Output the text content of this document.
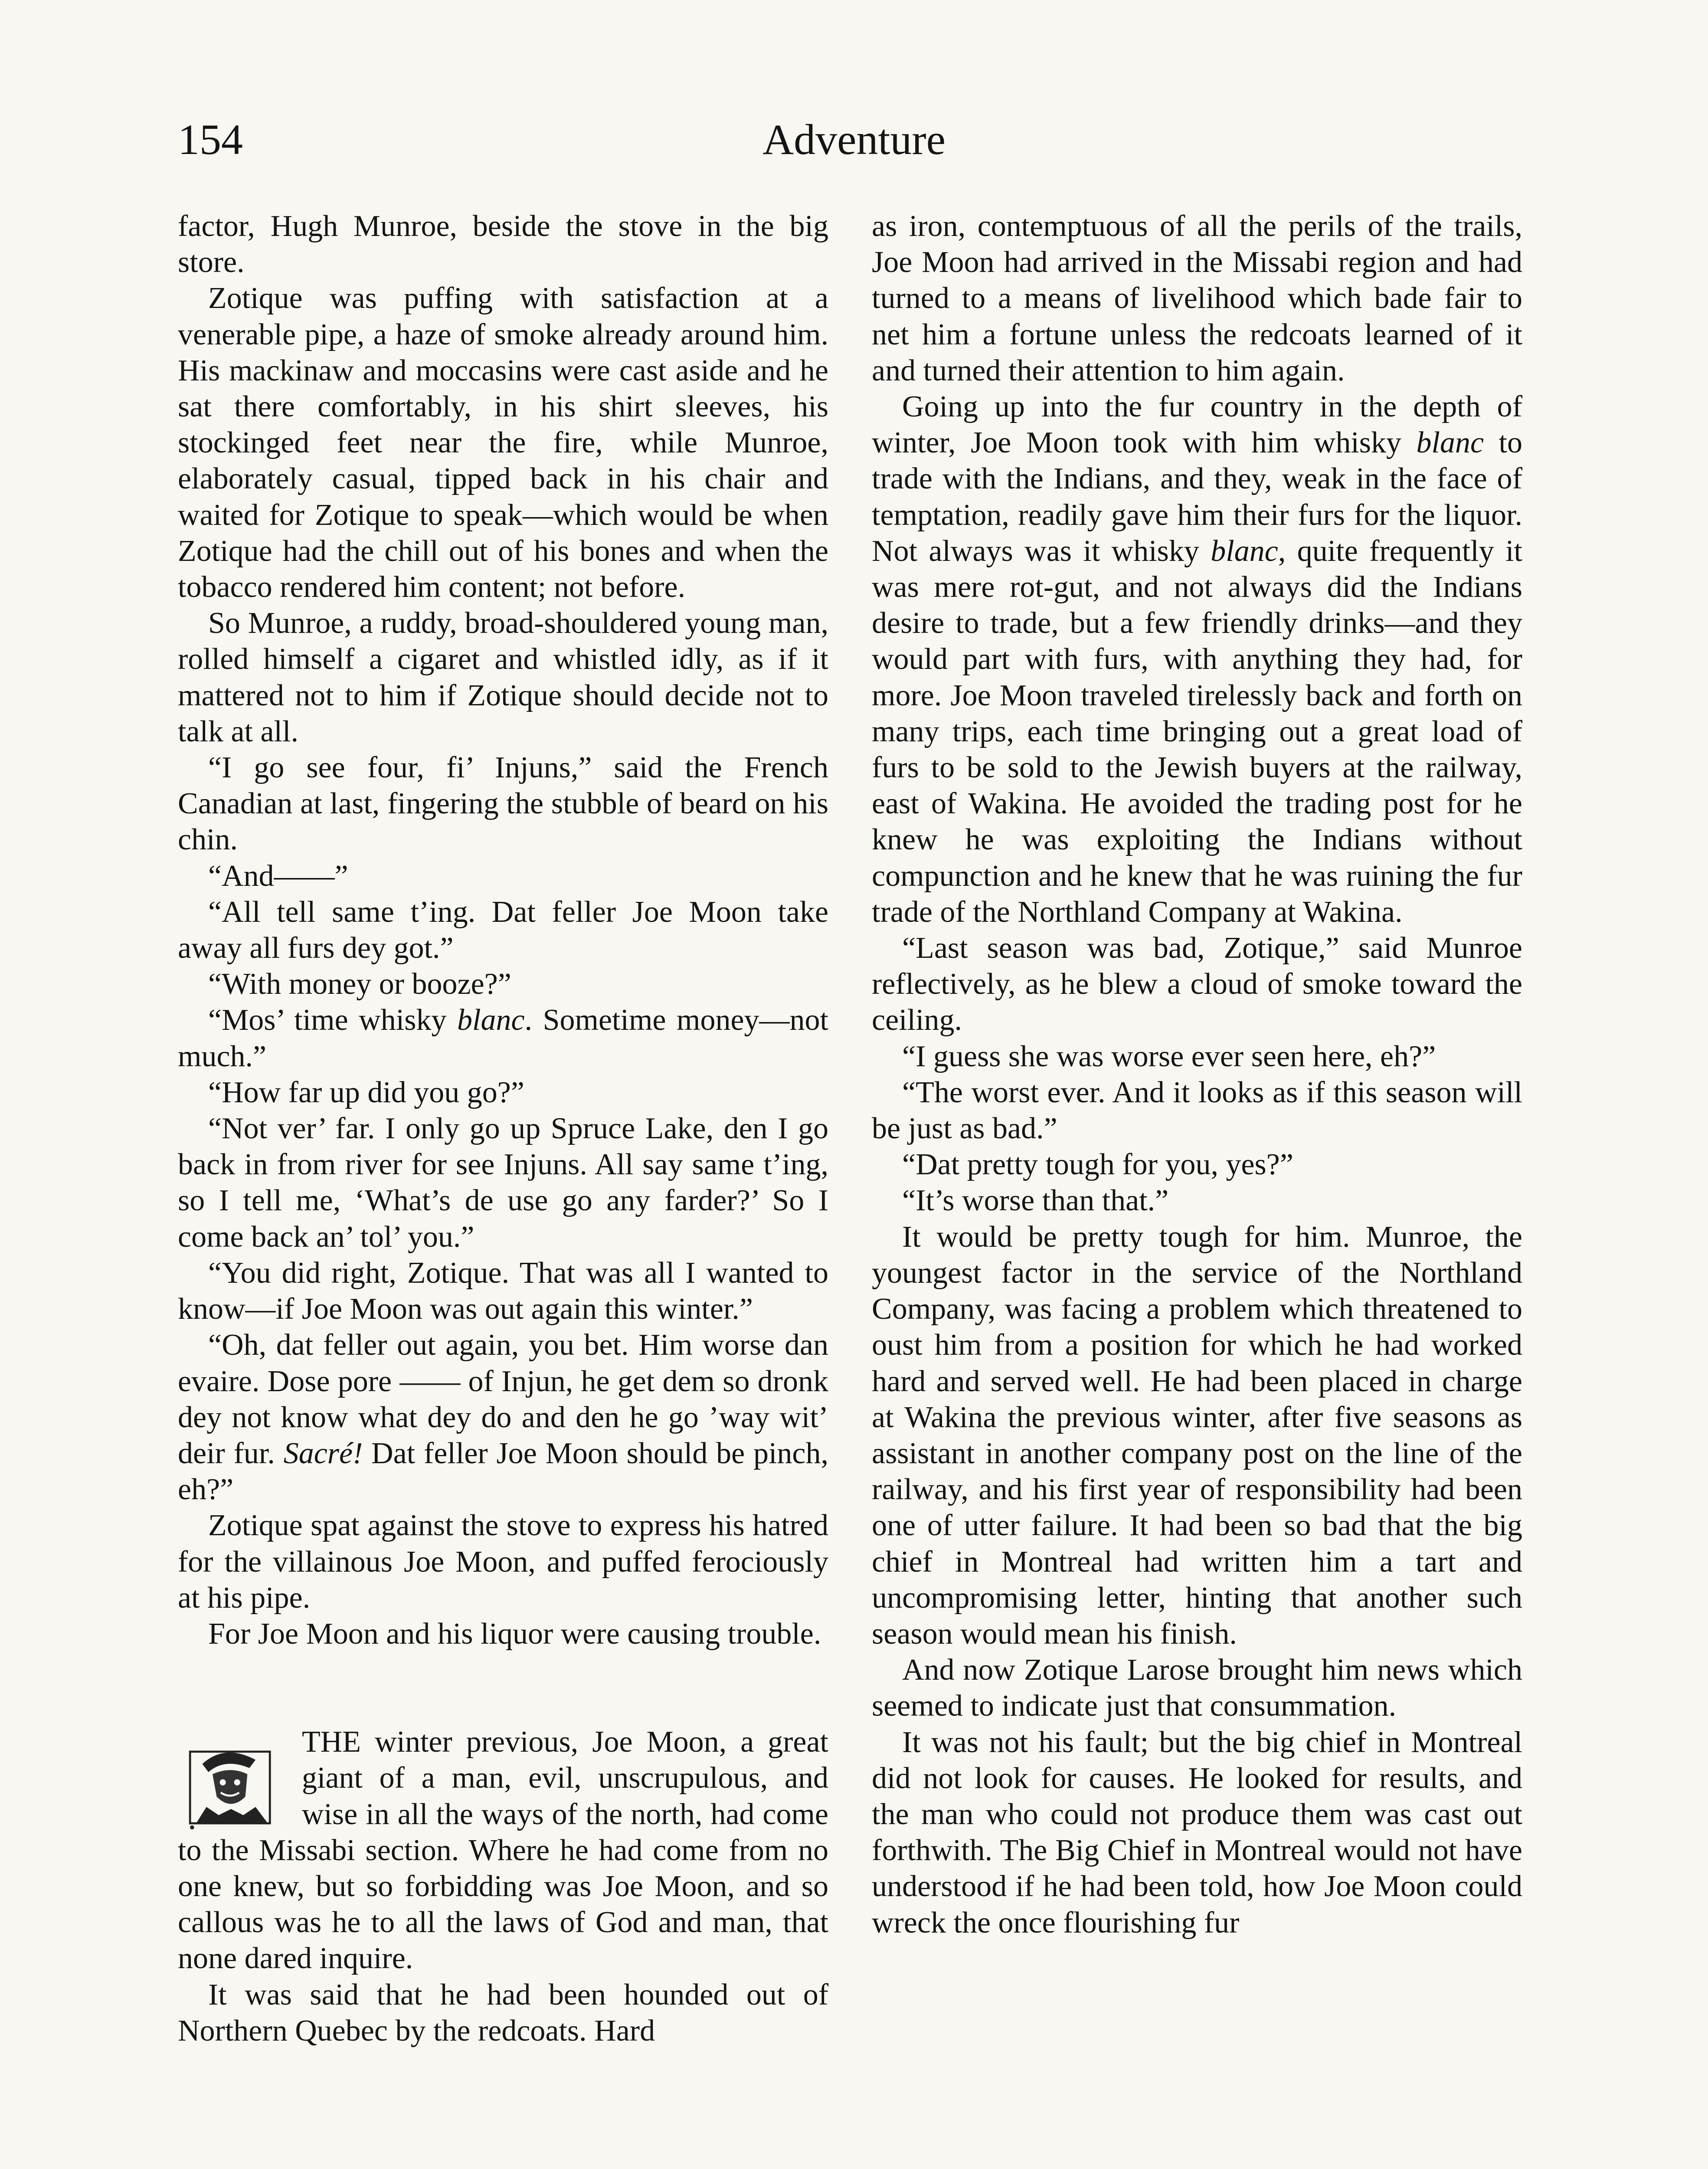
154	Adventure

factor, Hugh Munroe, beside the stove in the big store.

Zotique was puffing with satisfaction at a venerable pipe, a haze of smoke already around him. His mackinaw and moccasins were cast aside and he sat there comfortably, in his shirt sleeves, his stockinged feet near the fire, while Munroe, elaborately casual, tipped back in his chair and waited for Zotique to speak—which would be when Zotique had the chill out of his bones and when the tobacco rendered him content; not before.

So Munroe, a ruddy, broad-shouldered young man, rolled himself a cigaret and whistled idly, as if it mattered not to him if Zotique should decide not to talk at all.

“I go see four, fi’ Injuns,” said the French Canadian at last, fingering the stubble of beard on his chin.

“And——”

“All tell same t’ing. Dat feller Joe Moon take away all furs dey got.”

“With money or booze?”

“Mos’ time whisky blanc. Sometime money—not much.”

“How far up did you go?”

“Not ver’ far. I only go up Spruce Lake, den I go back in from river for see Injuns. All say same t’ing, so I tell me, ‘What’s de use go any farder?’ So I come back an’ tol’ you.”

“You did right, Zotique. That was all I wanted to know—if Joe Moon was out again this winter.”

“Oh, dat feller out again, you bet. Him worse dan evaire. Dose pore —— of Injun, he get dem so dronk dey not know what dey do and den he go ’way wit’ deir fur. Sacré! Dat feller Joe Moon should be pinch, eh?”

Zotique spat against the stove to express his hatred for the villainous Joe Moon, and puffed ferociously at his pipe.

For Joe Moon and his liquor were causing trouble.

THE winter previous, Joe Moon, a great giant of a man, evil, unscrupulous, and wise in all the ways of the north, had come to the Missabi section. Where he had come from no one knew, but so forbidding was Joe Moon, and so callous was he to all the laws of God and man, that none dared inquire.

It was said that he had been hounded out of Northern Quebec by the redcoats. Hard

as iron, contemptuous of all the perils of the trails, Joe Moon had arrived in the Missabi region and had turned to a means of livelihood which bade fair to net him a fortune unless the redcoats learned of it and turned their attention to him again.

Going up into the fur country in the depth of winter, Joe Moon took with him whisky blanc to trade with the Indians, and they, weak in the face of temptation, readily gave him their furs for the liquor. Not always was it whisky blanc, quite frequently it was mere rot-gut, and not always did the Indians desire to trade, but a few friendly drinks—and they would part with furs, with anything they had, for more. Joe Moon traveled tirelessly back and forth on many trips, each time bringing out a great load of furs to be sold to the Jewish buyers at the railway, east of Wakina. He avoided the trading post for he knew he was exploiting the Indians without compunction and he knew that he was ruining the fur trade of the Northland Company at Wakina.

“Last season was bad, Zotique,” said Munroe reflectively, as he blew a cloud of smoke toward the ceiling.

“I guess she was worse ever seen here, eh?”

“The worst ever. And it looks as if this season will be just as bad.”

“Dat pretty tough for you, yes?”

“It’s worse than that.”

It would be pretty tough for him. Munroe, the youngest factor in the service of the Northland Company, was facing a problem which threatened to oust him from a position for which he had worked hard and served well. He had been placed in charge at Wakina the previous winter, after five seasons as assistant in another company post on the line of the railway, and his first year of responsibility had been one of utter failure. It had been so bad that the big chief in Montreal had written him a tart and uncompromising letter, hinting that another such season would mean his finish.

And now Zotique Larose brought him news which seemed to indicate just that consummation.

It was not his fault; but the big chief in Montreal did not look for causes. He looked for results, and the man who could not produce them was cast out forthwith. The Big Chief in Montreal would not have understood if he had been told, how Joe Moon could wreck the once flourishing fur
